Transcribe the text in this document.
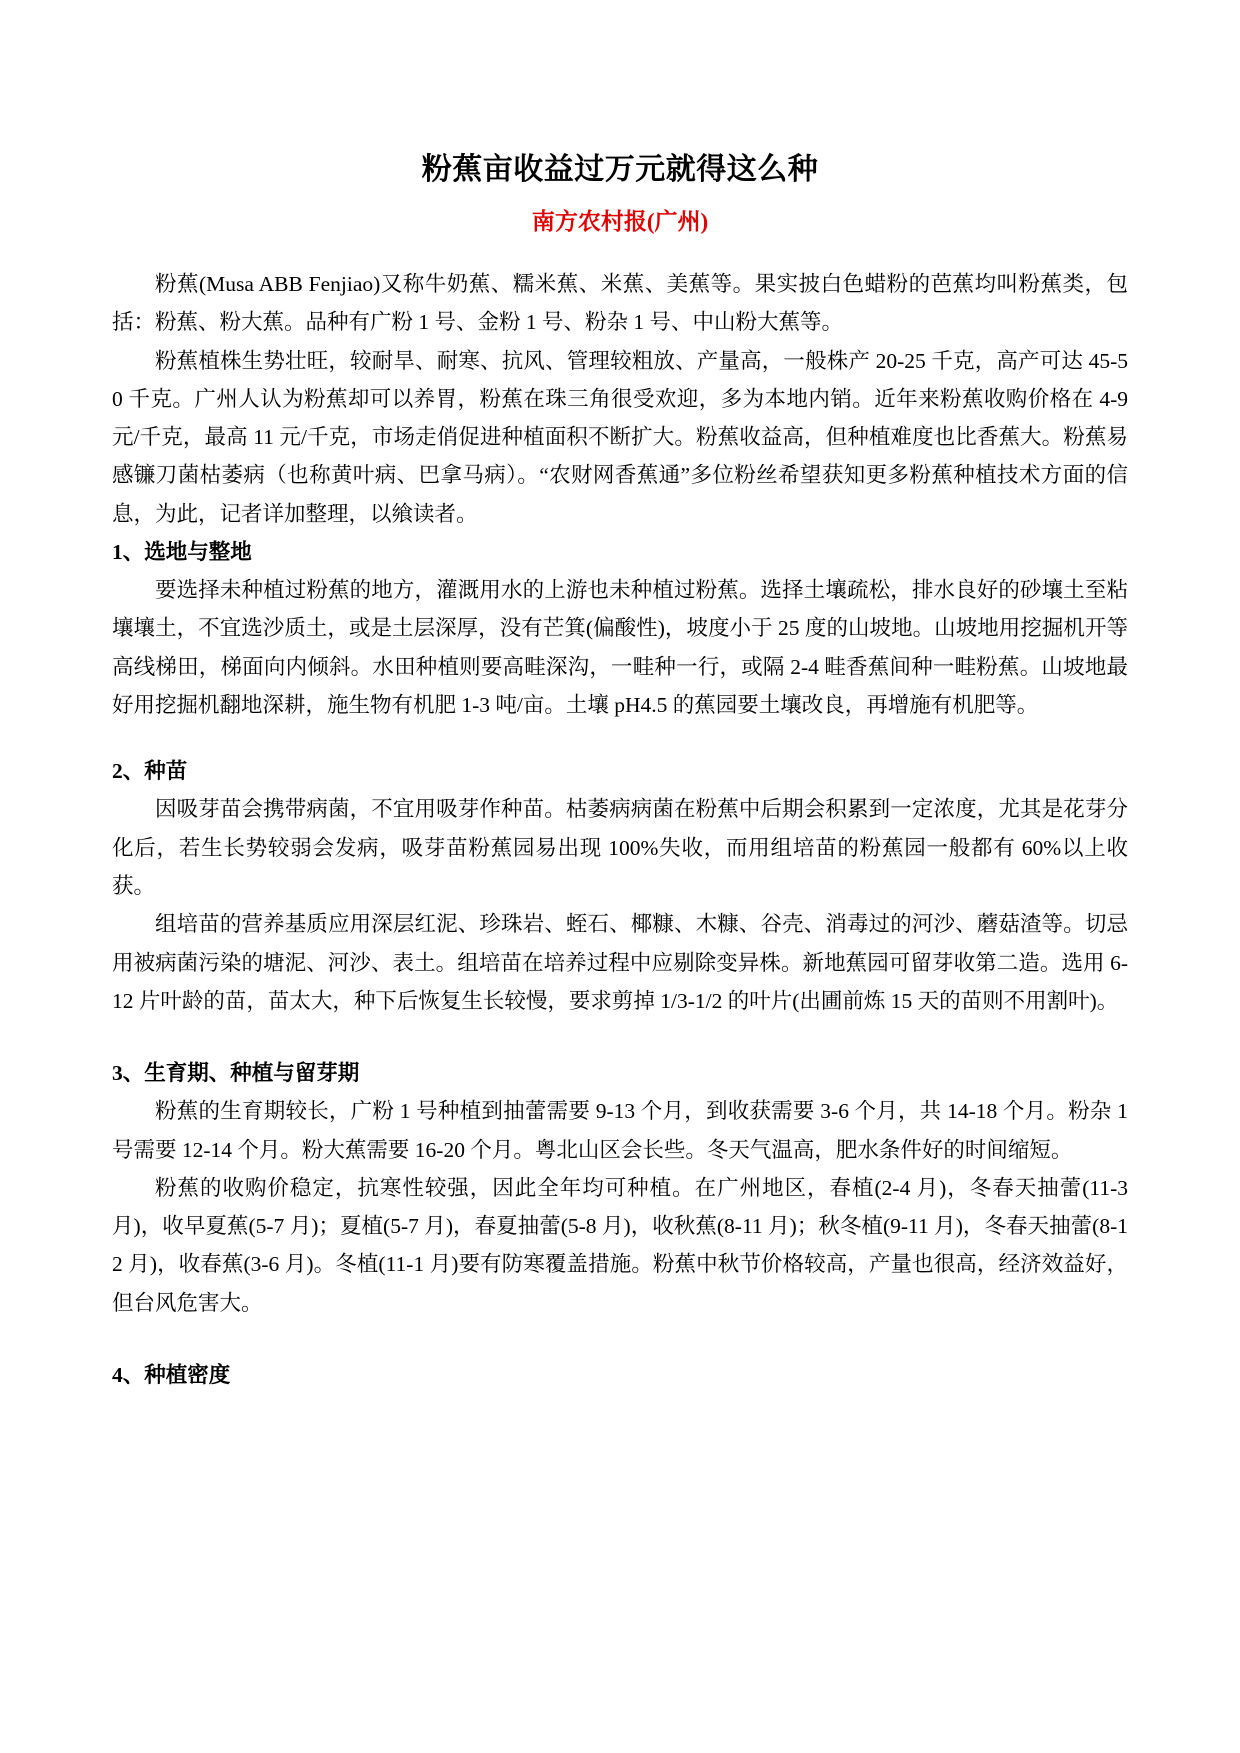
粉蕉亩收益过万元就得这么种
南方农村报(广州)

粉蕉(Musa ABB Fenjiao)又称牛奶蕉、糯米蕉、米蕉、美蕉等。果实披白色蜡粉的芭蕉均叫粉蕉类，包括：粉蕉、粉大蕉。品种有广粉 1 号、金粉 1 号、粉杂 1 号、中山粉大蕉等。

粉蕉植株生势壮旺，较耐旱、耐寒、抗风、管理较粗放、产量高，一般株产 20-25 千克，高产可达 45-50 千克。广州人认为粉蕉却可以养胃，粉蕉在珠三角很受欢迎，多为本地内销。近年来粉蕉收购价格在 4-9 元/千克，最高 11 元/千克，市场走俏促进种植面积不断扩大。粉蕉收益高，但种植难度也比香蕉大。粉蕉易感镰刀菌枯萎病（也称黄叶病、巴拿马病）。“农财网香蕉通”多位粉丝希望获知更多粉蕉种植技术方面的信息，为此，记者详加整理，以飨读者。

1、选地与整地

要选择未种植过粉蕉的地方，灌溉用水的上游也未种植过粉蕉。选择土壤疏松，排水良好的砂壤土至粘壤壤土，不宜选沙质土，或是土层深厚，没有芒箕(偏酸性)，坡度小于 25 度的山坡地。山坡地用挖掘机开等高线梯田，梯面向内倾斜。水田种植则要高畦深沟，一畦种一行，或隔 2-4 畦香蕉间种一畦粉蕉。山坡地最好用挖掘机翻地深耕，施生物有机肥 1-3 吨/亩。土壤 pH4.5 的蕉园要土壤改良，再增施有机肥等。

2、种苗

因吸芽苗会携带病菌，不宜用吸芽作种苗。枯萎病病菌在粉蕉中后期会积累到一定浓度，尤其是花芽分化后，若生长势较弱会发病，吸芽苗粉蕉园易出现 100%失收，而用组培苗的粉蕉园一般都有 60%以上收获。

组培苗的营养基质应用深层红泥、珍珠岩、蛭石、椰糠、木糠、谷壳、消毒过的河沙、蘑菇渣等。切忌用被病菌污染的塘泥、河沙、表土。组培苗在培养过程中应剔除变异株。新地蕉园可留芽收第二造。选用 6-12 片叶龄的苗，苗太大，种下后恢复生长较慢，要求剪掉 1/3-1/2 的叶片(出圃前炼 15 天的苗则不用割叶)。

3、生育期、种植与留芽期

粉蕉的生育期较长，广粉 1 号种植到抽蕾需要 9-13 个月，到收获需要 3-6 个月，共 14-18 个月。粉杂 1 号需要 12-14 个月。粉大蕉需要 16-20 个月。粤北山区会长些。冬天气温高，肥水条件好的时间缩短。

粉蕉的收购价稳定，抗寒性较强，因此全年均可种植。在广州地区，春植(2-4 月)，冬春天抽蕾(11-3 月)，收早夏蕉(5-7 月)；夏植(5-7 月)，春夏抽蕾(5-8 月)，收秋蕉(8-11 月)；秋冬植(9-11 月)，冬春天抽蕾(8-12 月)，收春蕉(3-6 月)。冬植(11-1 月)要有防寒覆盖措施。粉蕉中秋节价格较高，产量也很高，经济效益好，但台风危害大。

4、种植密度
